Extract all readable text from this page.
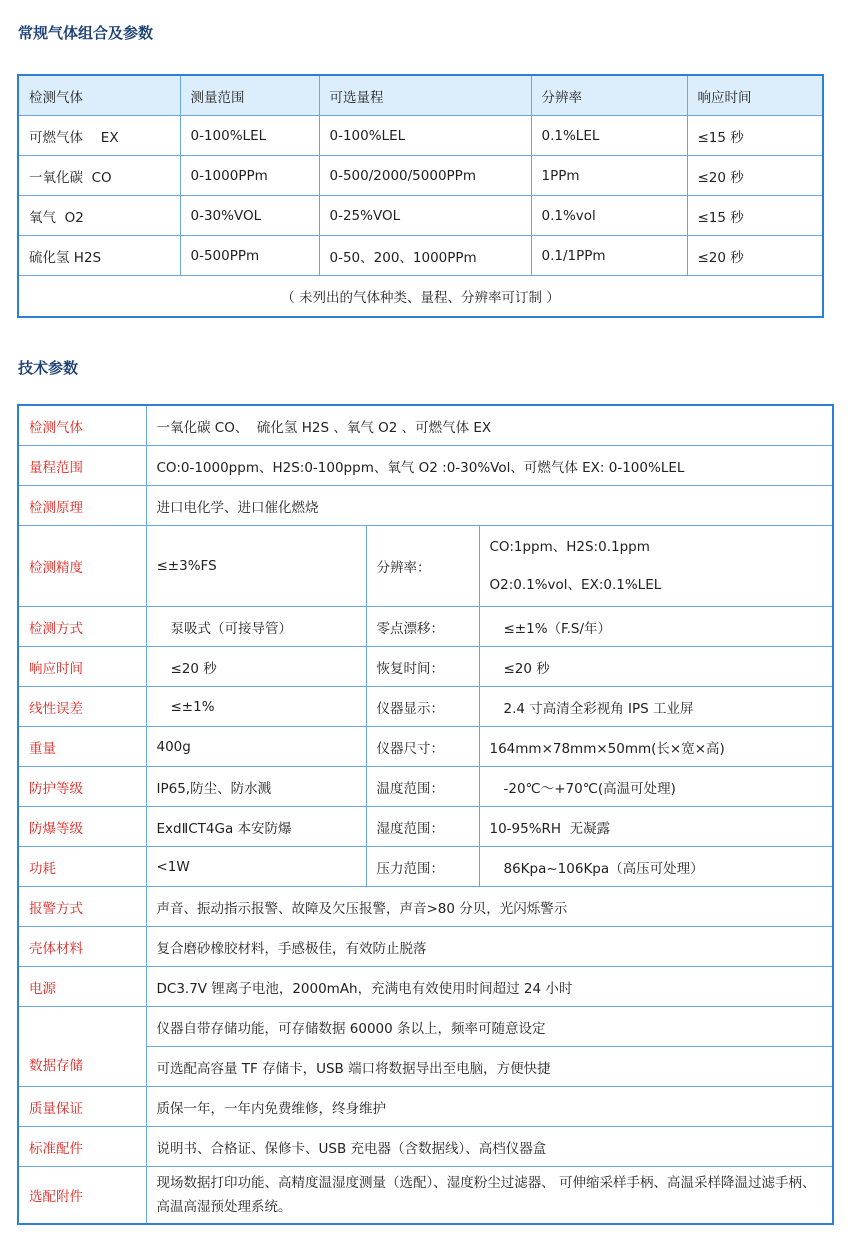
常规气体组合及参数
检测气体	测量范围	可选量程	分辨率	响应时间
可燃气体　 EX	0-100%LEL	0-100%LEL	0.1%LEL	≤15 秒
一氧化碳  CO	0-1000PPm	0-500/2000/5000PPm	1PPm	≤20 秒
氧气  O2	0-30%VOL	0-25%VOL	0.1%vol	≤15 秒
硫化氢 H2S	0-500PPm	0-50、200、1000PPm	0.1/1PPm	≤20 秒
（ 未列出的气体种类、量程、分辨率可订制 ）				
技术参数
检测气体	一氧化碳 CO、  硫化氢 H2S 、氧气 O2 、可燃气体 EX		
量程范围	CO:0-1000ppm、H2S:0-100ppm、氧气 O2 :0-30%Vol、可燃气体 EX: 0-100%LEL		
检测原理	进口电化学、进口催化燃烧		
检测精度	≤±3%FS	分辨率：	CO:1ppm、H2S:0.1ppm
O2:0.1%vol、EX:0.1%LEL

检测方式	泵吸式（可接导管）	零点漂移：	≤±1%（F.S/年）
响应时间	≤20 秒	恢复时间：	≤20 秒
线性误差	≤±1%	仪器显示：	2.4 寸高清全彩视角 IPS 工业屏
重量	400g	仪器尺寸：	164mm×78mm×50mm(长×宽×高)
防护等级	IP65,防尘、防水溅	温度范围：	-20℃～+70℃(高温可处理)
防爆等级	ExdⅡCT4Ga 本安防爆	湿度范围：	10-95%RH  无凝露
功耗	<1W	压力范围：	86Kpa~106Kpa（高压可处理）
报警方式	声音、振动指示报警、故障及欠压报警，声音>80 分贝，光闪烁警示		
壳体材料	复合磨砂橡胶材料，手感极佳，有效防止脱落		
电源	DC3.7V 锂离子电池，2000mAh，充满电有效使用时间超过 24 小时		
数据存储	仪器自带存储功能，可存储数据 60000 条以上，频率可随意设定		
	可选配高容量 TF 存储卡，USB 端口将数据导出至电脑，方便快捷		
质量保证	质保一年，一年内免费维修，终身维护		
标准配件	说明书、合格证、保修卡、USB 充电器（含数据线）、高档仪器盒		
选配附件	现场数据打印功能、高精度温湿度测量（选配）、湿度粉尘过滤器、 可伸缩采样手柄、高温采样降温过滤手柄、高温高湿预处理系统。		
